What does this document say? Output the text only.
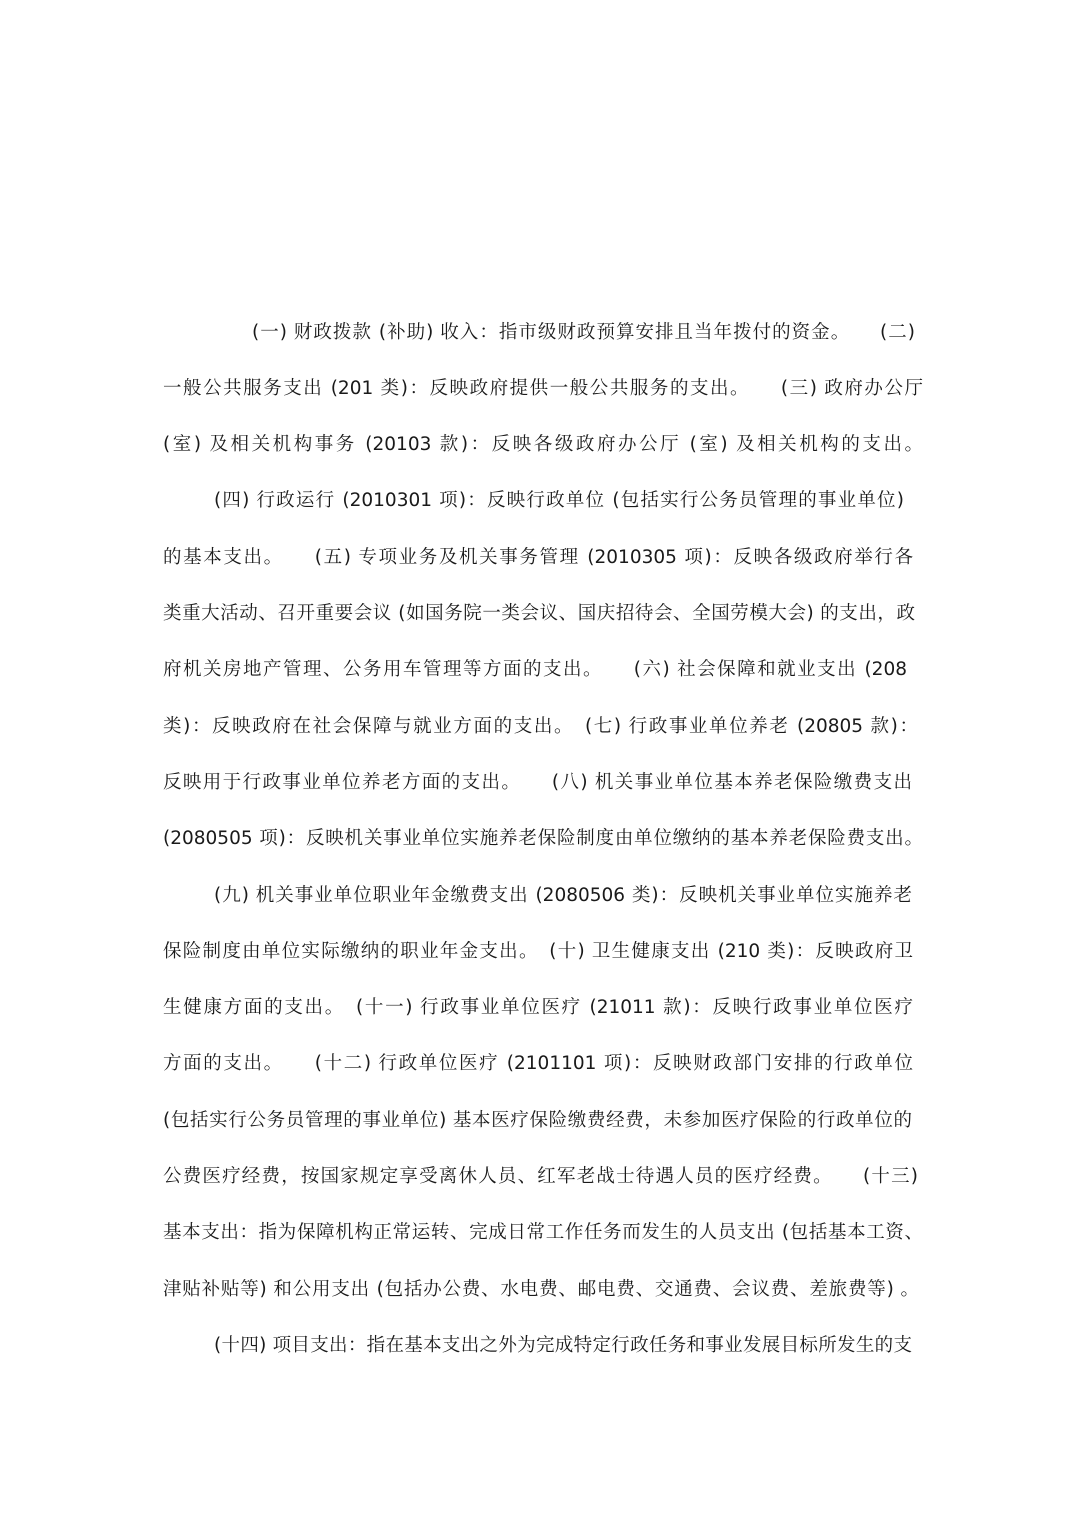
(一) 财政拨款 (补助) 收入：指市级财政预算安排且当年拨付的资金。　　(二)
一般公共服务支出 (201 类)：反映政府提供一般公共服务的支出。　　(三) 政府办公厅
(室) 及相关机构事务 (20103 款)：反映各级政府办公厅 (室) 及相关机构的支出。
(四) 行政运行 (2010301 项)：反映行政单位 (包括实行公务员管理的事业单位)
的基本支出。　　(五) 专项业务及机关事务管理 (2010305 项)：反映各级政府举行各
类重大活动、召开重要会议 (如国务院一类会议、国庆招待会、全国劳模大会) 的支出，政
府机关房地产管理、公务用车管理等方面的支出。　　(六) 社会保障和就业支出 (208
类)：反映政府在社会保障与就业方面的支出。　(七) 行政事业单位养老 (20805 款)：
反映用于行政事业单位养老方面的支出。　　(八) 机关事业单位基本养老保险缴费支出
(2080505 项)：反映机关事业单位实施养老保险制度由单位缴纳的基本养老保险费支出。
(九) 机关事业单位职业年金缴费支出 (2080506 类)：反映机关事业单位实施养老
保险制度由单位实际缴纳的职业年金支出。　(十) 卫生健康支出 (210 类)：反映政府卫
生健康方面的支出。　(十一) 行政事业单位医疗 (21011 款)：反映行政事业单位医疗
方面的支出。　　(十二) 行政单位医疗 (2101101 项)：反映财政部门安排的行政单位
(包括实行公务员管理的事业单位) 基本医疗保险缴费经费，未参加医疗保险的行政单位的
公费医疗经费，按国家规定享受离休人员、红军老战士待遇人员的医疗经费。　　(十三)
基本支出：指为保障机构正常运转、完成日常工作任务而发生的人员支出 (包括基本工资、
津贴补贴等) 和公用支出 (包括办公费、水电费、邮电费、交通费、会议费、差旅费等) 。
(十四) 项目支出：指在基本支出之外为完成特定行政任务和事业发展目标所发生的支
